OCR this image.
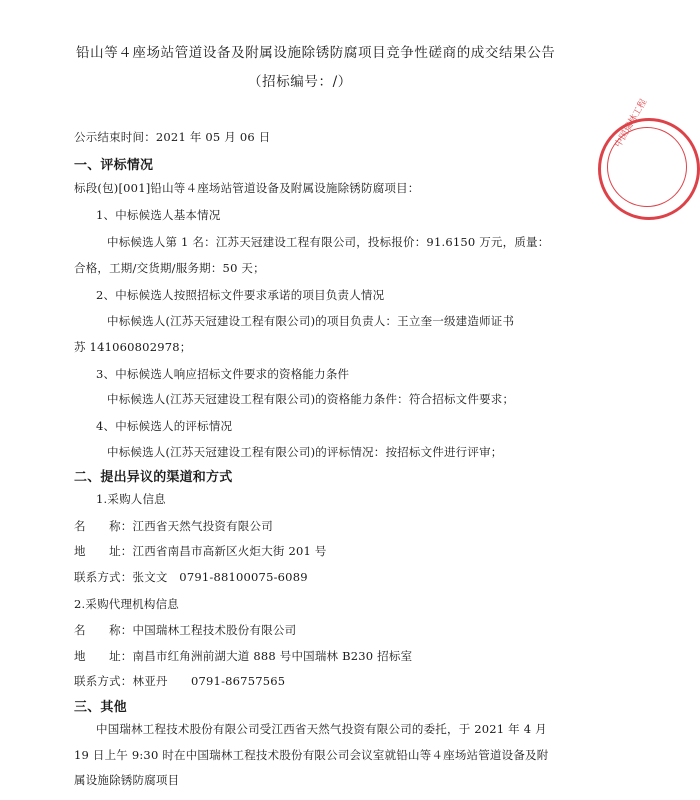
铅山等４座场站管道设备及附属设施除锈防腐项目竞争性磋商的成交结果公告
（招标编号：/）
公示结束时间：2021 年 05 月 06 日
一、评标情况
标段(包)[001]铅山等４座场站管道设备及附属设施除锈防腐项目：
1、中标候选人基本情况
中标候选人第 1 名：江苏天冠建设工程有限公司，投标报价：91.6150 万元，质量：
合格，工期/交货期/服务期：50 天；
2、中标候选人按照招标文件要求承诺的项目负责人情况
中标候选人(江苏天冠建设工程有限公司)的项目负责人：王立奎一级建造师证书
苏 141060802978；
3、中标候选人响应招标文件要求的资格能力条件
中标候选人(江苏天冠建设工程有限公司)的资格能力条件：符合招标文件要求；
4、中标候选人的评标情况
中标候选人(江苏天冠建设工程有限公司)的评标情况：按招标文件进行评审；
二、提出异议的渠道和方式
1.采购人信息
名　　称：江西省天然气投资有限公司
地　　址：江西省南昌市高新区火炬大街 201 号
联系方式：张文文　0791-88100075-6089
2.采购代理机构信息
名　　称：中国瑞林工程技术股份有限公司
地　　址：南昌市红角洲前湖大道 888 号中国瑞林 B230 招标室
联系方式：林亚丹　　0791-86757565
三、其他
中国瑞林工程技术股份有限公司受江西省天然气投资有限公司的委托，于 2021 年 4 月
19 日上午 9:30 时在中国瑞林工程技术股份有限公司会议室就铅山等４座场站管道设备及附
属设施除锈防腐项目
中国瑞林工程
